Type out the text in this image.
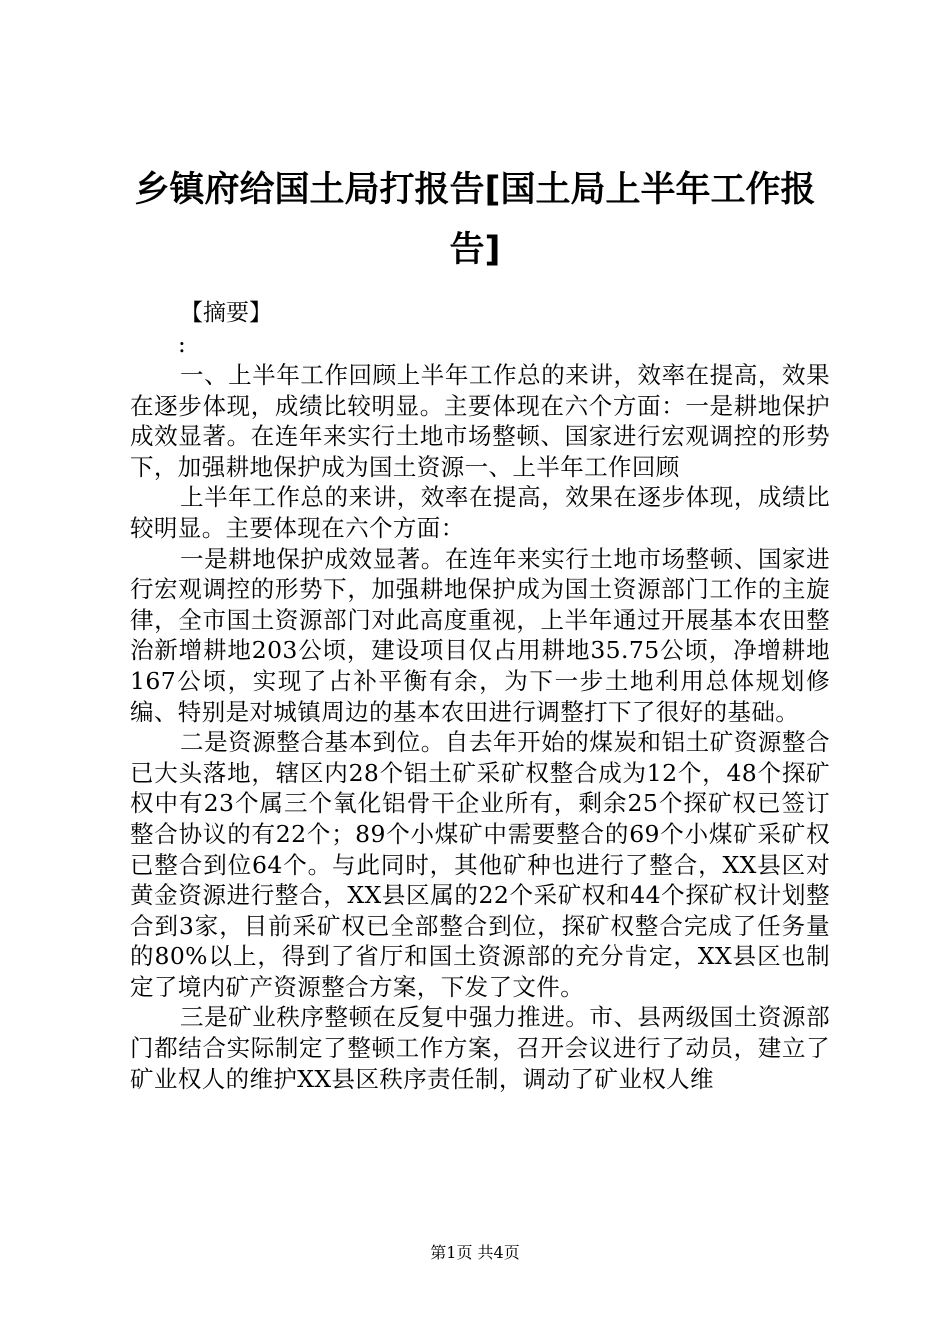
乡镇府给国土局打报告[国土局上半年工作报
告]
【摘要】
:

一、上半年工作回顾上半年工作总的来讲，效率在提高，效果在逐步体现，成绩比较明显。主要体现在六个方面：一是耕地保护成效显著。在连年来实行土地市场整顿、国家进行宏观调控的形势下，加强耕地保护成为国土资源一、上半年工作回顾

上半年工作总的来讲，效率在提高，效果在逐步体现，成绩比较明显。主要体现在六个方面：

一是耕地保护成效显著。在连年来实行土地市场整顿、国家进行宏观调控的形势下，加强耕地保护成为国土资源部门工作的主旋律，全市国土资源部门对此高度重视，上半年通过开展基本农田整治新增耕地203公顷，建设项目仅占用耕地35.75公顷，净增耕地167公顷，实现了占补平衡有余，为下一步土地利用总体规划修编、特别是对城镇周边的基本农田进行调整打下了很好的基础。

二是资源整合基本到位。自去年开始的煤炭和铝土矿资源整合已大头落地，辖区内28个铝土矿采矿权整合成为12个，48个探矿权中有23个属三个氧化铝骨干企业所有，剩余25个探矿权已签订整合协议的有22个；89个小煤矿中需要整合的69个小煤矿采矿权已整合到位64个。与此同时，其他矿种也进行了整合，XX县区对黄金资源进行整合，XX县区属的22个采矿权和44个探矿权计划整合到3家，目前采矿权已全部整合到位，探矿权整合完成了任务量的80%以上，得到了省厅和国土资源部的充分肯定，XX县区也制定了境内矿产资源整合方案，下发了文件。

三是矿业秩序整顿在反复中强力推进。市、县两级国土资源部门都结合实际制定了整顿工作方案，召开会议进行了动员，建立了矿业权人的维护XX县区秩序责任制，调动了矿业权人维

第1页 共4页
